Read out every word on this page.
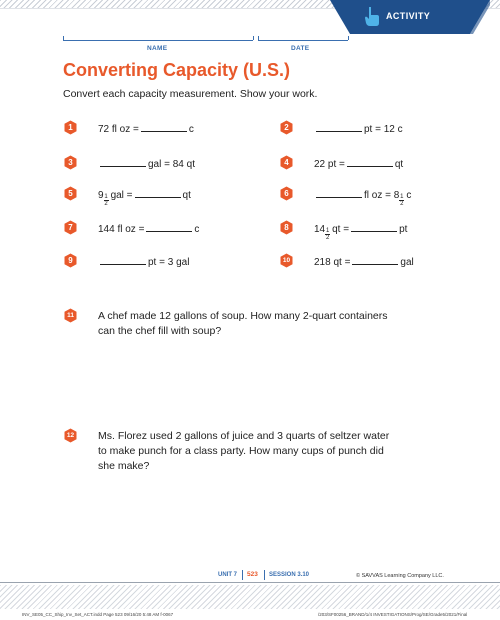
ACTIVITY
NAME	DATE
Converting Capacity (U.S.)
Convert each capacity measurement. Show your work.
1	72 fl oz =	c	2	pt = 12 c
3	gal = 84 qt	4	22 pt =	qt
5	$9 \frac{1}{2}$ gal =	qt	6	fl oz = $8 \frac{1}{2}$ c
7	144 fl oz =	c	8	$14 \frac{1}{2}$ qt =	pt
9	pt = 3 gal	10	218 qt =	gal
11	A chef made 12 gallons of soup. How many 2-quart containers can the chef fill with soup?
12	Ms. Florez used 2 gallons of juice and 3 quarts of seltzer water to make punch for a class party. How many cups of punch did she make?
UNIT 7 523 SESSION 3.10	© SAVVAS Learning Company LLC.
INV_SE05_CC_Ship_Inv_Set_ACT.indd Page 523 09/16/20 5:48 AM f-0067	/203/SF00256_BRAND/1/4 INVESTIGATIONS/Prog/SE/Grade5/2021/Final
